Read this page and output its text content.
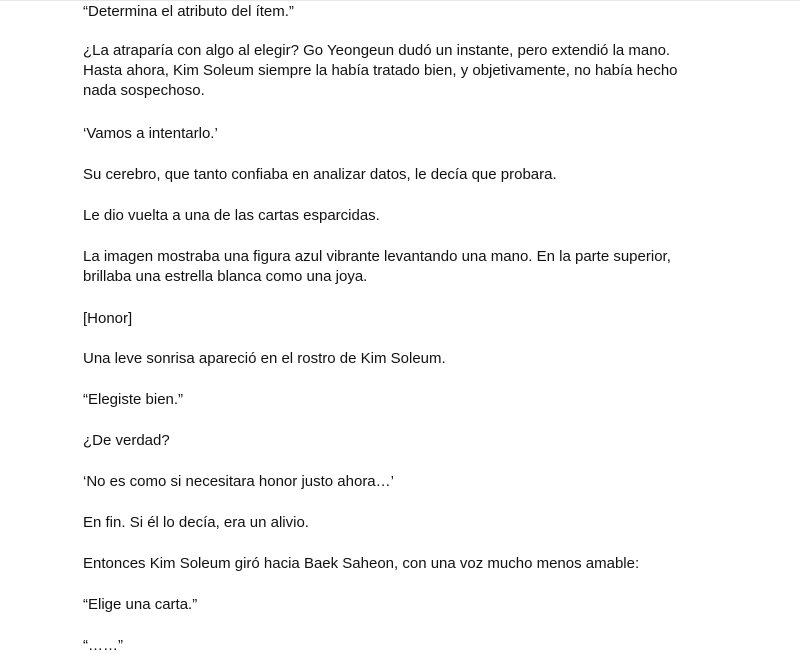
“Determina el atributo del ítem.”

¿La atraparía con algo al elegir? Go Yeongeun dudó un instante, pero extendió la mano.
Hasta ahora, Kim Soleum siempre la había tratado bien, y objetivamente, no había hecho
nada sospechoso.

‘Vamos a intentarlo.’

Su cerebro, que tanto confiaba en analizar datos, le decía que probara.

Le dio vuelta a una de las cartas esparcidas.

La imagen mostraba una figura azul vibrante levantando una mano. En la parte superior,
brillaba una estrella blanca como una joya.

[Honor]

Una leve sonrisa apareció en el rostro de Kim Soleum.

“Elegiste bien.”

¿De verdad?

‘No es como si necesitara honor justo ahora…’

En fin. Si él lo decía, era un alivio.

Entonces Kim Soleum giró hacia Baek Saheon, con una voz mucho menos amable:

“Elige una carta.”

“……”
